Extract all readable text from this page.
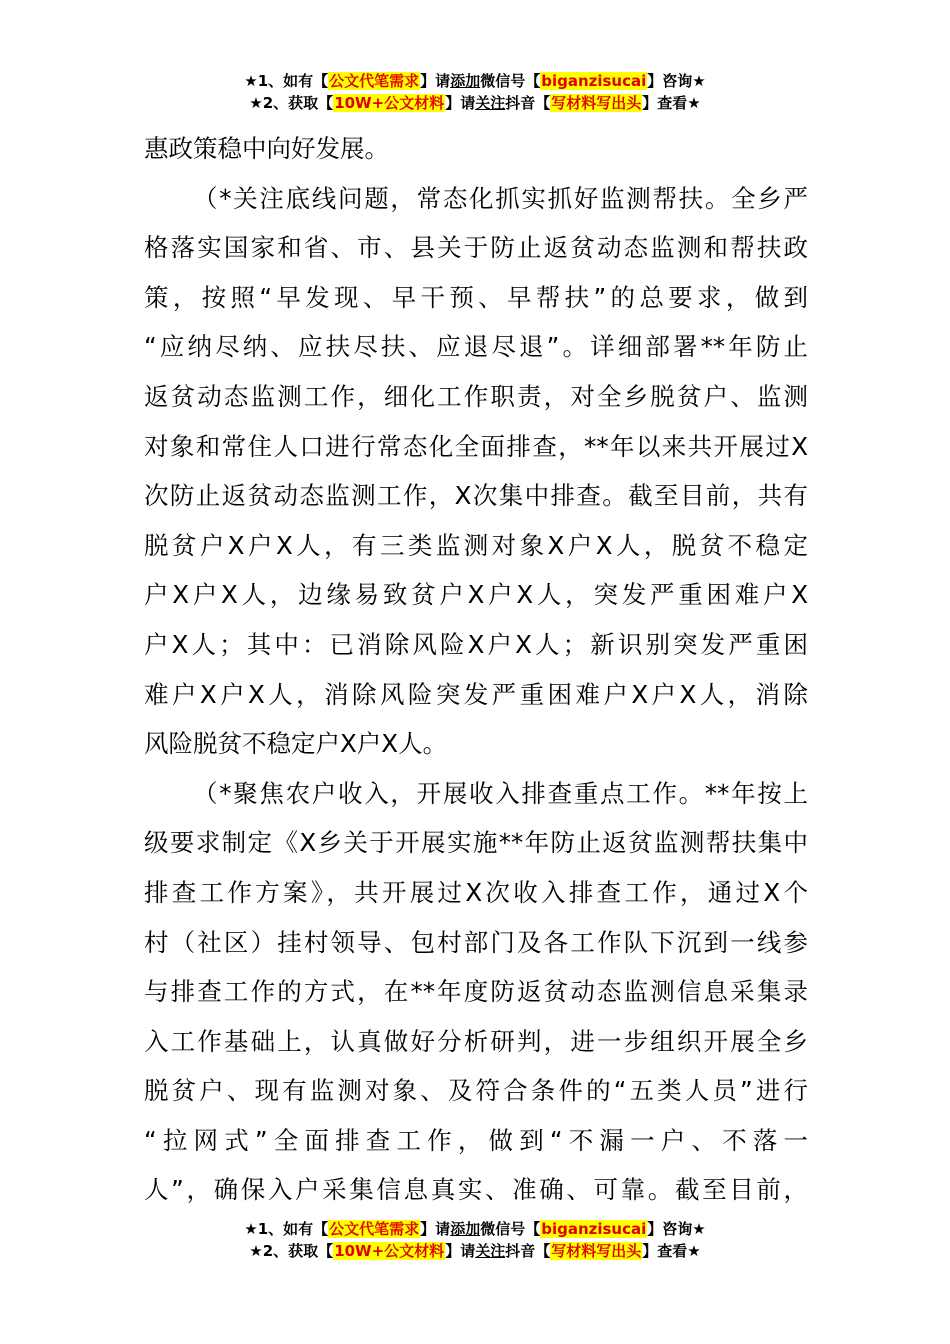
★1、如有【公文代笔需求】请添加微信号【biganzisucai】咨询★
★2、获取【10W+公文材料】请关注抖音【写材料写出头】查看★
惠政策稳中向好发展。
（*关注底线问题，常态化抓实抓好监测帮扶。全乡严
格落实国家和省、市、县关于防止返贫动态监测和帮扶政
策，按照“早发现、早干预、早帮扶”的总要求，做到
“应纳尽纳、应扶尽扶、应退尽退”。详细部署**年防止
返贫动态监测工作，细化工作职责，对全乡脱贫户、监测
对象和常住人口进行常态化全面排查，**年以来共开展过X
次防止返贫动态监测工作，X次集中排查。截至目前，共有
脱贫户X户X人，有三类监测对象X户X人，脱贫不稳定
户X户X人，边缘易致贫户X户X人，突发严重困难户X
户X人；其中：已消除风险X户X人；新识别突发严重困
难户X户X人，消除风险突发严重困难户X户X人，消除
风险脱贫不稳定户X户X人。
（*聚焦农户收入，开展收入排查重点工作。**年按上
级要求制定《X乡关于开展实施**年防止返贫监测帮扶集中
排查工作方案》，共开展过X次收入排查工作，通过X个
村（社区）挂村领导、包村部门及各工作队下沉到一线参
与排查工作的方式，在**年度防返贫动态监测信息采集录
入工作基础上，认真做好分析研判，进一步组织开展全乡
脱贫户、现有监测对象、及符合条件的“五类人员”进行
“拉网式”全面排查工作，做到“不漏一户、不落一
人”，确保入户采集信息真实、准确、可靠。截至目前，
★1、如有【公文代笔需求】请添加微信号【biganzisucai】咨询★
★2、获取【10W+公文材料】请关注抖音【写材料写出头】查看★
